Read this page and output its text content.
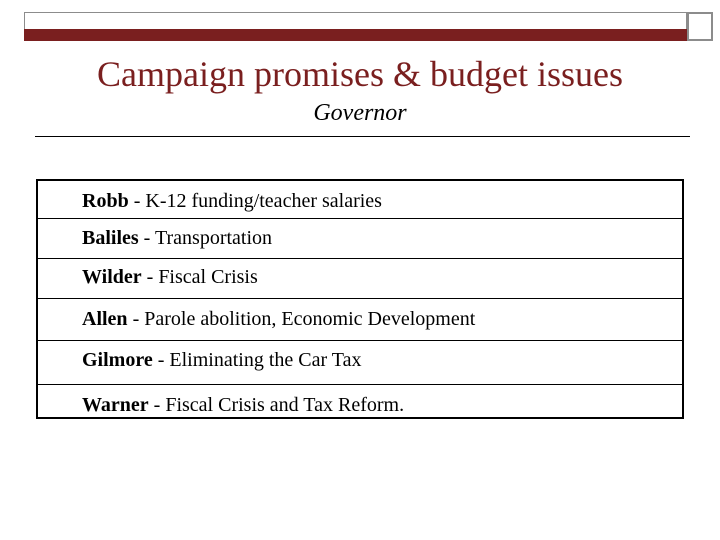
Campaign promises & budget issues
Governor
Robb - K-12 funding/teacher salaries
Baliles - Transportation
Wilder - Fiscal Crisis
Allen - Parole abolition, Economic Development
Gilmore - Eliminating the Car Tax
Warner - Fiscal Crisis and Tax Reform.
